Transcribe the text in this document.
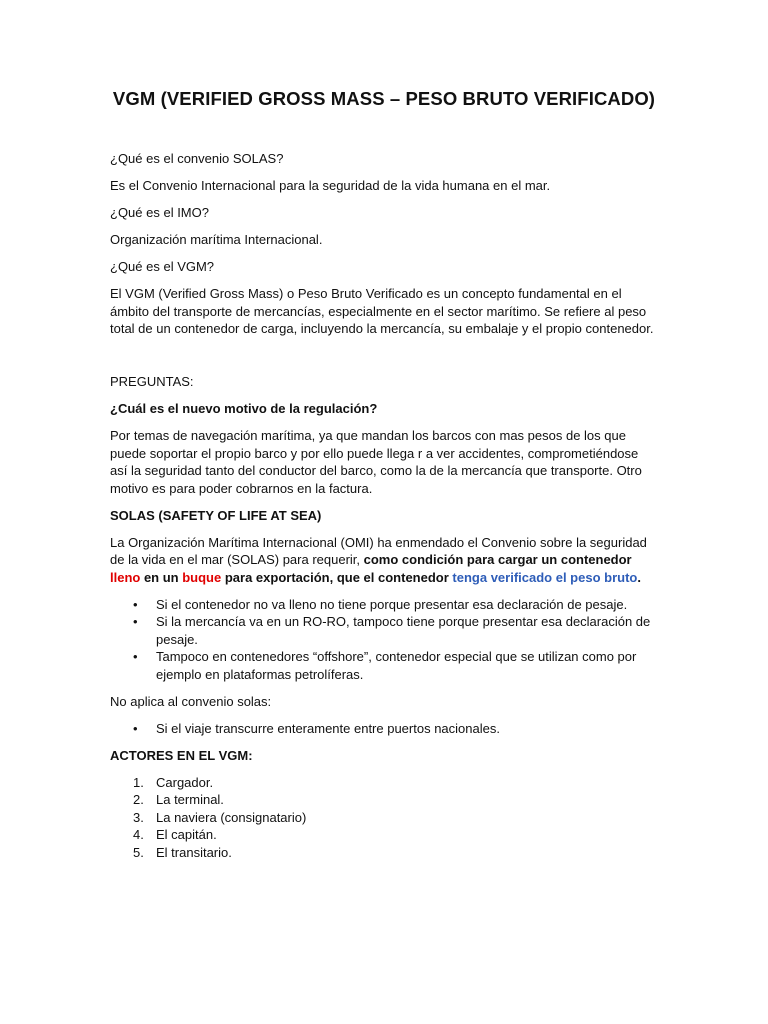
VGM (VERIFIED GROSS MASS – PESO BRUTO VERIFICADO)

¿Qué es el convenio SOLAS?

Es el Convenio Internacional para la seguridad de la vida humana en el mar.

¿Qué es el IMO?

Organización marítima Internacional.

¿Qué es el VGM?

El VGM (Verified Gross Mass) o Peso Bruto Verificado es un concepto fundamental en el ámbito del transporte de mercancías, especialmente en el sector marítimo. Se refiere al peso total de un contenedor de carga, incluyendo la mercancía, su embalaje y el propio contenedor.

PREGUNTAS:

¿Cuál es el nuevo motivo de la regulación?

Por temas de navegación marítima, ya que mandan los barcos con mas pesos de los que puede soportar el propio barco y por ello puede llega r a ver accidentes, comprometiéndose así la seguridad tanto del conductor del barco, como la de la mercancía que transporte. Otro motivo es para poder cobrarnos en la factura.

SOLAS (SAFETY OF LIFE AT SEA)

La Organización Marítima Internacional (OMI) ha enmendado el Convenio sobre la seguridad de la vida en el mar (SOLAS) para requerir, como condición para cargar un contenedor lleno en un buque para exportación, que el contenedor tenga verificado el peso bruto.

• Si el contenedor no va lleno no tiene porque presentar esa declaración de pesaje.
• Si la mercancía va en un RO-RO, tampoco tiene porque presentar esa declaración de pesaje.
• Tampoco en contenedores “offshore”, contenedor especial que se utilizan como por ejemplo en plataformas petrolíferas.

No aplica al convenio solas:

• Si el viaje transcurre enteramente entre puertos nacionales.

ACTORES EN EL VGM:

1. Cargador.
2. La terminal.
3. La naviera (consignatario)
4. El capitán.
5. El transitario.
